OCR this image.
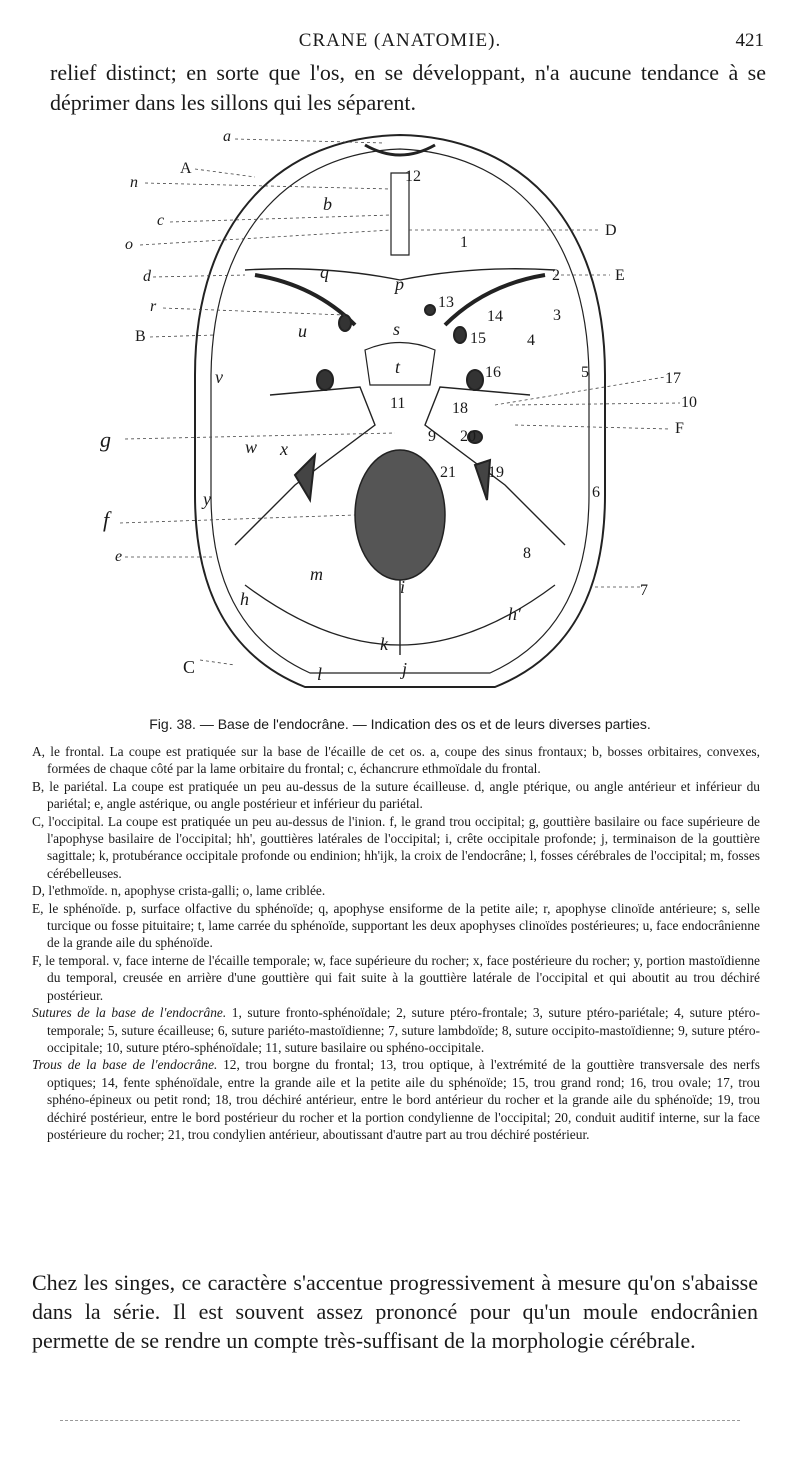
CRANE (ANATOMIE).	421
relief distinct; en sorte que l'os, en se développant, n'a aucune tendance à se déprimer dans les sillons qui les séparent.
a
A
n
b
c
o
d
r
B
q
p
s
u
v	t
w x
g
f
e
y
m
h
h'
i
k
l	j
C
D
E
F
1
2
3
4
5
6
7
8
9
10
11
12
13
14
15
16	17
18
19
20
21
Fig. 38. — Base de l'endocrâne. — Indication des os et de leurs diverses parties.

A, le frontal. La coupe est pratiquée sur la base de l'écaille de cet os. a, coupe des sinus frontaux; b, bosses orbitaires, convexes, formées de chaque côté par la lame orbitaire du frontal; c, échancrure ethmoïdale du frontal.

B, le pariétal. La coupe est pratiquée un peu au-dessus de la suture écailleuse. d, angle ptérique, ou angle antérieur et inférieur du pariétal; e, angle astérique, ou angle postérieur et inférieur du pariétal.

C, l'occipital. La coupe est pratiquée un peu au-dessus de l'inion. f, le grand trou occipital; g, gouttière basilaire ou face supérieure de l'apophyse basilaire de l'occipital; hh', gouttières latérales de l'occipital; i, crête occipitale profonde; j, terminaison de la gouttière sagittale; k, protubérance occipitale profonde ou endinion; hh'ijk, la croix de l'endocrâne; l, fosses cérébrales de l'occipital; m, fosses cérébelleuses.

D, l'ethmoïde. n, apophyse crista-galli; o, lame criblée.

E, le sphénoïde. p, surface olfactive du sphénoïde; q, apophyse ensiforme de la petite aile; r, apophyse clinoïde antérieure; s, selle turcique ou fosse pituitaire; t, lame carrée du sphénoïde, supportant les deux apophyses clinoïdes postérieures; u, face endocrânienne de la grande aile du sphénoïde.

F, le temporal. v, face interne de l'écaille temporale; w, face supérieure du rocher; x, face postérieure du rocher; y, portion mastoïdienne du temporal, creusée en arrière d'une gouttière qui fait suite à la gouttière latérale de l'occipital et qui aboutit au trou déchiré postérieur.

Sutures de la base de l'endocrâne. 1, suture fronto-sphénoïdale; 2, suture ptéro-frontale; 3, suture ptéro-pariétale; 4, suture ptéro-temporale; 5, suture écailleuse; 6, suture pariéto-mastoïdienne; 7, suture lambdoïde; 8, suture occipito-mastoïdienne; 9, suture ptéro-occipitale; 10, suture ptéro-sphénoïdale; 11, suture basilaire ou sphéno-occipitale.

Trous de la base de l'endocrâne. 12, trou borgne du frontal; 13, trou optique, à l'extrémité de la gouttière transversale des nerfs optiques; 14, fente sphénoïdale, entre la grande aile et la petite aile du sphénoïde; 15, trou grand rond; 16, trou ovale; 17, trou sphéno-épineux ou petit rond; 18, trou déchiré antérieur, entre le bord antérieur du rocher et la grande aile du sphénoïde; 19, trou déchiré postérieur, entre le bord postérieur du rocher et la portion condylienne de l'occipital; 20, conduit auditif interne, sur la face postérieure du rocher; 21, trou condylien antérieur, aboutissant d'autre part au trou déchiré postérieur.

Chez les singes, ce caractère s'accentue progressivement à mesure qu'on s'abaisse dans la série. Il est souvent assez prononcé pour qu'un moule endocrânien permette de se rendre un compte très-suffisant de la morphologie cérébrale.
